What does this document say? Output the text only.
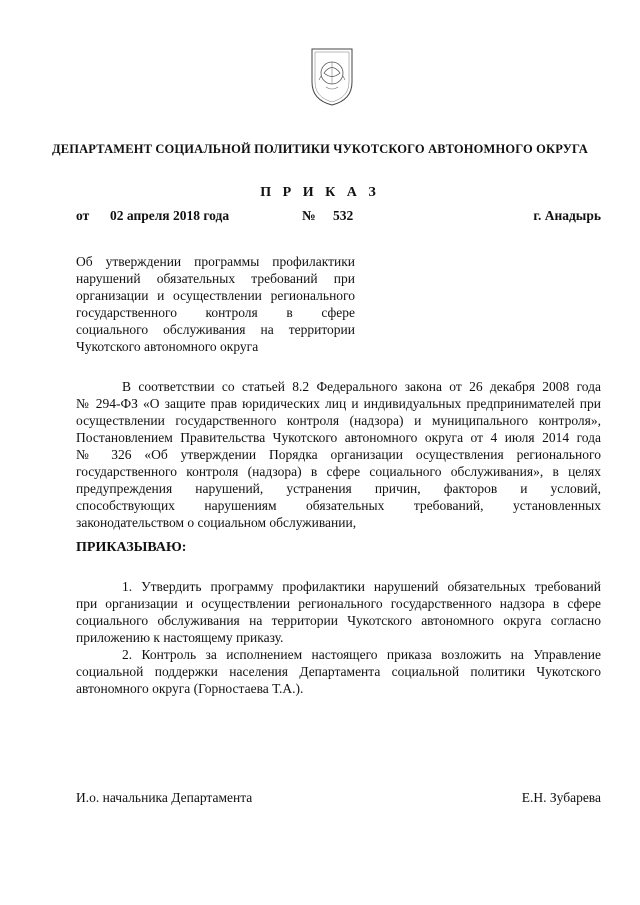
ДЕПАРТАМЕНТ СОЦИАЛЬНОЙ ПОЛИТИКИ ЧУКОТСКОГО АВТОНОМНОГО ОКРУГА
П Р И К А З
от 02 апреля 2018 года	№ 532	г. Анадырь
Об утверждении программы профилактики
нарушений обязательных требований при
организации и осуществлении регионального
государственного контроля в сфере
социального обслуживания на территории
Чукотского автономного округа
В соответствии со статьей 8.2 Федерального закона от 26 декабря 2008 года
№ 294-ФЗ «О защите прав юридических лиц и индивидуальных предпринимателей при
осуществлении государственного контроля (надзора) и муниципального контроля»,
Постановлением Правительства Чукотского автономного округа от 4 июля 2014 года
№ 326 «Об утверждении Порядка организации осуществления регионального
государственного контроля (надзора) в сфере социального обслуживания», в целях
предупреждения нарушений, устранения причин, факторов и условий,
способствующих нарушениям обязательных требований, установленных
законодательством о социальном обслуживании,
ПРИКАЗЫВАЮ:
1. Утвердить программу профилактики нарушений обязательных требований
при организации и осуществлении регионального государственного надзора в сфере
социального обслуживания на территории Чукотского автономного округа согласно
приложению к настоящему приказу.
2. Контроль за исполнением настоящего приказа возложить на Управление
социальной поддержки населения Департамента социальной политики Чукотского
автономного округа (Горностаева Т.А.).
И.о. начальника Департамента	Е.Н. Зубарева
